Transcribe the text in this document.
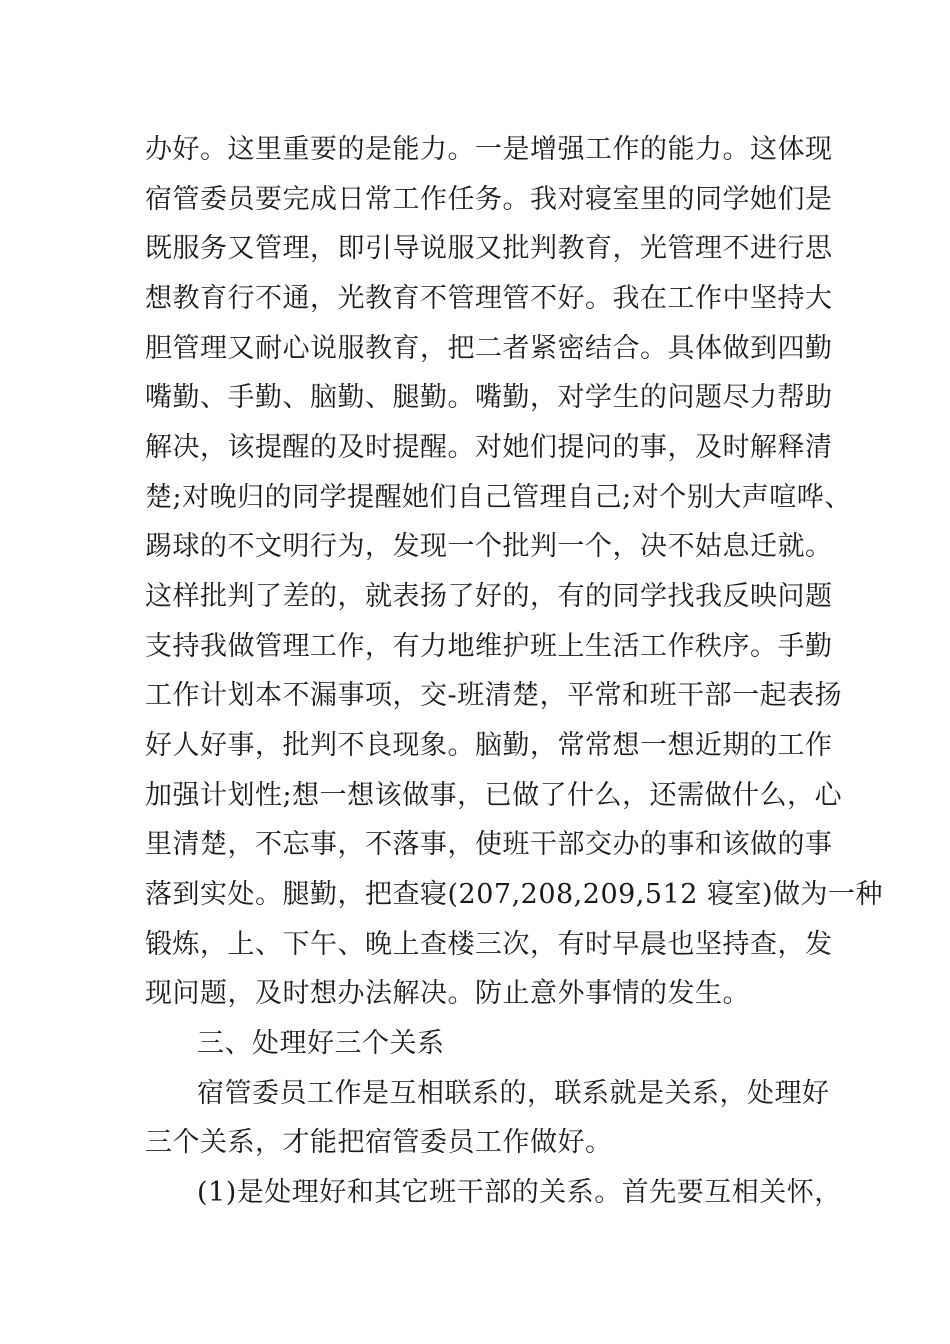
办好。这里重要的是能力。一是增强工作的能力。这体现
宿管委员要完成日常工作任务。我对寝室里的同学她们是
既服务又管理，即引导说服又批判教育，光管理不进行思
想教育行不通，光教育不管理管不好。我在工作中坚持大
胆管理又耐心说服教育，把二者紧密结合。具体做到四勤
嘴勤、手勤、脑勤、腿勤。嘴勤，对学生的问题尽力帮助
解决，该提醒的及时提醒。对她们提问的事，及时解释清
楚;对晚归的同学提醒她们自己管理自己;对个别大声喧哗、
踢球的不文明行为，发现一个批判一个，决不姑息迁就。
这样批判了差的，就表扬了好的，有的同学找我反映问题
支持我做管理工作，有力地维护班上生活工作秩序。手勤
工作计划本不漏事项，交-班清楚，平常和班干部一起表扬
好人好事，批判不良现象。脑勤，常常想一想近期的工作
加强计划性;想一想该做事，已做了什么，还需做什么，心
里清楚，不忘事，不落事，使班干部交办的事和该做的事
落到实处。腿勤，把查寝(207,208,209,512 寝室)做为一种
锻炼，上、下午、晚上查楼三次，有时早晨也坚持查，发
现问题，及时想办法解决。防止意外事情的发生。
三、处理好三个关系
宿管委员工作是互相联系的，联系就是关系，处理好
三个关系，才能把宿管委员工作做好。
(1)是处理好和其它班干部的关系。首先要互相关怀，
